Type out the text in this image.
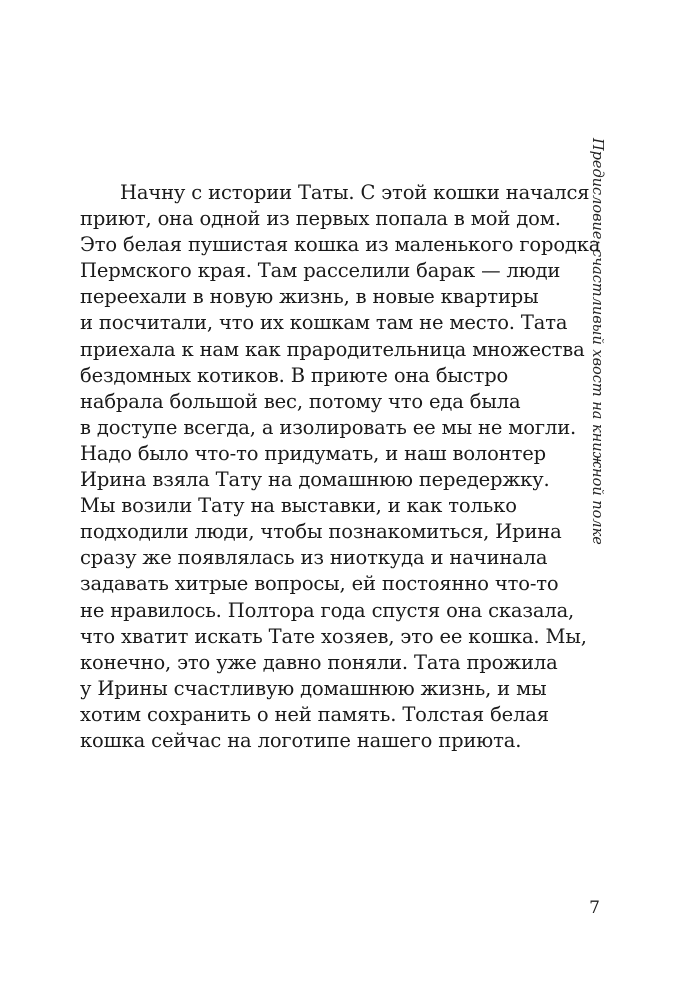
Начну с истории Таты. С этой кошки начался
приют, она одной из первых попала в мой дом.
Это белая пушистая кошка из маленького городка
Пермского края. Там расселили барак — люди
переехали в новую жизнь, в новые квартиры
и посчитали, что их кошкам там не место. Тата
приехала к нам как прародительница множества
бездомных котиков. В приюте она быстро
набрала большой вес, потому что еда была
в доступе всегда, а изолировать ее мы не могли.
Надо было что-то придумать, и наш волонтер
Ирина взяла Тату на домашнюю передержку.
Мы возили Тату на выставки, и как только
подходили люди, чтобы познакомиться, Ирина
сразу же появлялась из ниоткуда и начинала
задавать хитрые вопросы, ей постоянно что-то
не нравилось. Полтора года спустя она сказала,
что хватит искать Тате хозяев, это ее кошка. Мы,
конечно, это уже давно поняли. Тата прожила
у Ирины счастливую домашнюю жизнь, и мы
хотим сохранить о ней память. Толстая белая
кошка сейчас на логотипе нашего приюта.
Предисловие: счастливый хвост на книжной полке
7
